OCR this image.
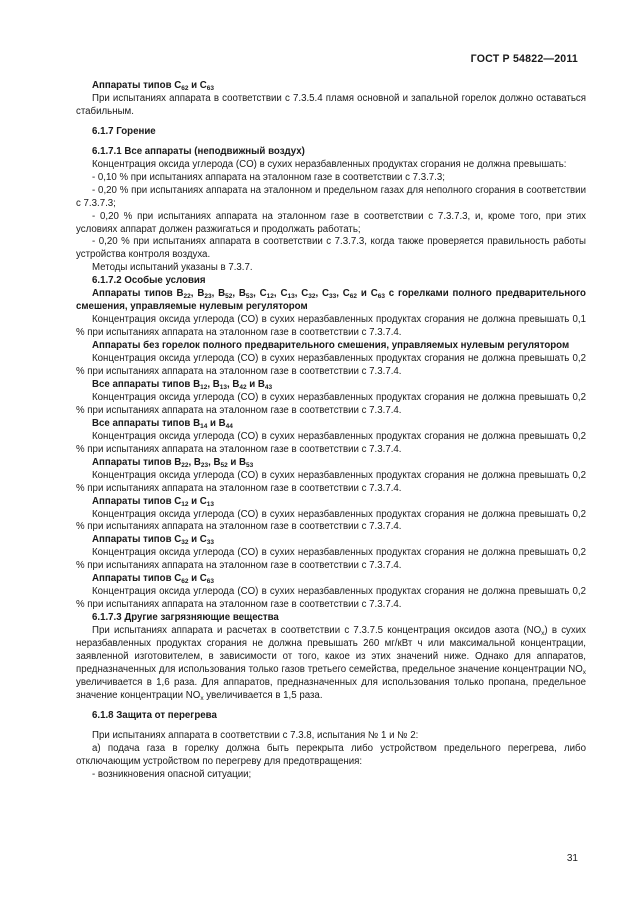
ГОСТ Р 54822—2011

Аппараты типов $C_{62}$ и $C_{63}$

При испытаниях аппарата в соответствии с 7.3.5.4 пламя основной и запальной горелок должно оставаться стабильным.

6.1.7 Горение

6.1.7.1 Все аппараты (неподвижный воздух)

Концентрация оксида углерода (CO) в сухих неразбавленных продуктах сгорания не должна превышать:

- 0,10 % при испытаниях аппарата на эталонном газе в соответствии с 7.3.7.3;

- 0,20 % при испытаниях аппарата на эталонном и предельном газах для неполного сгорания в соответствии с 7.3.7.3;

- 0,20 % при испытаниях аппарата на эталонном газе в соответствии с 7.3.7.3, и, кроме того, при этих условиях аппарат должен разжигаться и продолжать работать;

- 0,20 % при испытаниях аппарата в соответствии с 7.3.7.3, когда также проверяется правильность работы устройства контроля воздуха.

Методы испытаний указаны в 7.3.7.

6.1.7.2 Особые условия

Аппараты типов $B_{22}$, $B_{23}$, $B_{52}$, $B_{53}$, $C_{12}$, $C_{13}$, $C_{32}$, $C_{33}$, $C_{62}$ и $C_{63}$ с горелками полного предварительного смешения, управляемые нулевым регулятором

Концентрация оксида углерода (CO) в сухих неразбавленных продуктах сгорания не должна превышать 0,1 % при испытаниях аппарата на эталонном газе в соответствии с 7.3.7.4.

Аппараты без горелок полного предварительного смешения, управляемых нулевым регулятором

Концентрация оксида углерода (CO) в сухих неразбавленных продуктах сгорания не должна превышать 0,2 % при испытаниях аппарата на эталонном газе в соответствии с 7.3.7.4.

Все аппараты типов $B_{12}$, $B_{13}$, $B_{42}$ и $B_{43}$

Концентрация оксида углерода (CO) в сухих неразбавленных продуктах сгорания не должна превышать 0,2 % при испытаниях аппарата на эталонном газе в соответствии с 7.3.7.4.

Все аппараты типов $B_{14}$ и $B_{44}$

Концентрация оксида углерода (CO) в сухих неразбавленных продуктах сгорания не должна превышать 0,2 % при испытаниях аппарата на эталонном газе в соответствии с 7.3.7.4.

Аппараты типов $B_{22}$, $B_{23}$, $B_{52}$ и $B_{53}$

Концентрация оксида углерода (CO) в сухих неразбавленных продуктах сгорания не должна превышать 0,2 % при испытаниях аппарата на эталонном газе в соответствии с 7.3.7.4.

Аппараты типов $C_{12}$ и $C_{13}$

Концентрация оксида углерода (CO) в сухих неразбавленных продуктах сгорания не должна превышать 0,2 % при испытаниях аппарата на эталонном газе в соответствии с 7.3.7.4.

Аппараты типов $C_{32}$ и $C_{33}$

Концентрация оксида углерода (CO) в сухих неразбавленных продуктах сгорания не должна превышать 0,2 % при испытаниях аппарата на эталонном газе в соответствии с 7.3.7.4.

Аппараты типов $C_{62}$ и $C_{63}$

Концентрация оксида углерода (CO) в сухих неразбавленных продуктах сгорания не должна превышать 0,2 % при испытаниях аппарата на эталонном газе в соответствии с 7.3.7.4.

6.1.7.3 Другие загрязняющие вещества

При испытаниях аппарата и расчетах в соответствии с 7.3.7.5 концентрация оксидов азота $(NO_x)$ в сухих неразбавленных продуктах сгорания не должна превышать 260 мг/кВт ч или максимальной концентрации, заявленной изготовителем, в зависимости от того, какое из этих значений ниже. Однако для аппаратов, предназначенных для использования только газов третьего семейства, предельное значение концентрации $NO_x$ увеличивается в 1,6 раза. Для аппаратов, предназначенных для использования только пропана, предельное значение концентрации $NO_x$ увеличивается в 1,5 раза.

6.1.8 Защита от перегрева

При испытаниях аппарата в соответствии с 7.3.8, испытания № 1 и № 2:

а) подача газа в горелку должна быть перекрыта либо устройством предельного перегрева, либо отключающим устройством по перегреву для предотвращения:

- возникновения опасной ситуации;

31
